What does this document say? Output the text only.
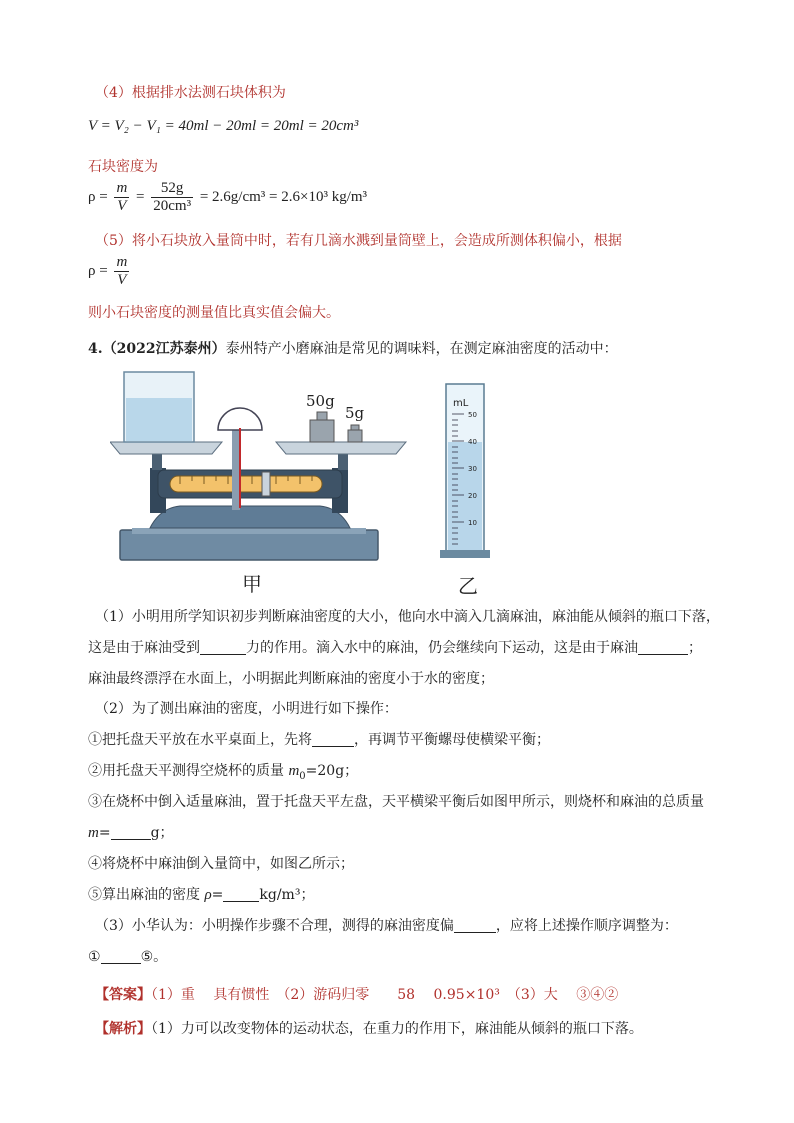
（4）根据排水法测石块体积为
V = V₂ − V₁ = 40ml − 20ml = 20ml = 20cm³
石块密度为
$\rho = \frac{m}{V} = \frac{52g}{\text{20cm³}} = 2.6g/cm^3 = 2.6\times 10^3$ kg/m³
（5）将小石块放入量筒中时，若有几滴水溅到量筒壁上，会造成所测体积偏小，根据
$\rho = \frac{m}{V}$
则小石块密度的测量值比真实值会偏大。
4.（2022江苏泰州）泰州特产小磨麻油是常见的调味料，在测定麻油密度的活动中：
50g
5g
mL
50
40
30
20
10
甲	乙
（1）小明用所学知识初步判断麻油密度的大小，他向水中滴入几滴麻油，麻油能从倾斜的瓶口下落，
这是由于麻油受到	力的作用。滴入水中的麻油，仍会继续向下运动，这是由于麻油	；
麻油最终漂浮在水面上，小明据此判断麻油的密度小于水的密度；
（2）为了测出麻油的密度，小明进行如下操作：
①把托盘天平放在水平桌面上，先将	，再调节平衡螺母使横梁平衡；
②用托盘天平测得空烧杯的质量 $m_0=20g$；
③在烧杯中倒入适量麻油，置于托盘天平左盘，天平横梁平衡后如图甲所示，则烧杯和麻油的总质量
m=	g；
④将烧杯中麻油倒入量筒中，如图乙所示；
⑤算出麻油的密度 ρ=	kg/m³；
（3）小华认为：小明操作步骤不合理，测得的麻油密度偏	，应将上述操作顺序调整为：
①	⑤。
【答案】（1）重　 具有惯性　（2）游码归零　　58　 0.95×10³　（3）大　 ③④②
【解析】（1）力可以改变物体的运动状态，在重力的作用下，麻油能从倾斜的瓶口下落。
